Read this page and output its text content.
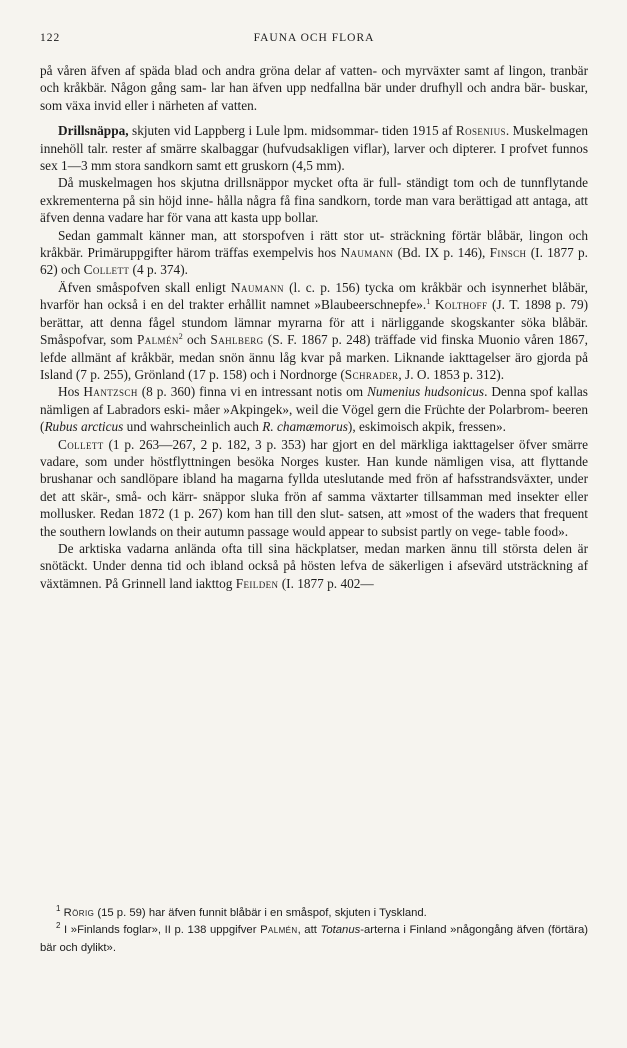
122	FAUNA OCH FLORA

på våren äfven af späda blad och andra gröna delar af vatten- och myrväxter samt af lingon, tranbär och kråkbär. Någon gång sam- lar han äfven upp nedfallna bär under drufhyll och andra bär- buskar, som växa invid eller i närheten af vatten.

Drillsnäppa, skjuten vid Lappberg i Lule lpm. midsommar- tiden 1915 af Rosenius. Muskelmagen innehöll talr. rester af smärre skalbaggar (hufvudsakligen viflar), larver och dipterer. I profvet funnos sex 1—3 mm stora sandkorn samt ett gruskorn (4,5 mm).

Då muskelmagen hos skjutna drillsnäppor mycket ofta är full- ständigt tom och de tunnflytande exkrementerna på sin höjd inne- hålla några få fina sandkorn, torde man vara berättigad att antaga, att äfven denna vadare har för vana att kasta upp bollar.

Sedan gammalt känner man, att storspofven i rätt stor ut- sträckning förtär blåbär, lingon och kråkbär. Primäruppgifter härom träffas exempelvis hos Naumann (Bd. IX p. 146), Finsch (I. 1877 p. 62) och Collett (4 p. 374).

Äfven småspofven skall enligt Naumann (l. c. p. 156) tycka om kråkbär och isynnerhet blåbär, hvarför han också i en del trakter erhållit namnet »Blaubeerschnepfe».$^1$ Kolthoff (J. T. 1898 p. 79) berättar, att denna fågel stundom lämnar myrarna för att i närliggande skogskanter söka blåbär. Småspofvar, som Palmén$^2$ och Sahlberg (S. F. 1867 p. 248) träffade vid finska Muonio våren 1867, lefde allmänt af kråkbär, medan snön ännu låg kvar på marken. Liknande iakttagelser äro gjorda på Island (7 p. 255), Grönland (17 p. 158) och i Nordnorge (Schrader, J. O. 1853 p. 312).

Hos Hantzsch (8 p. 360) finna vi en intressant notis om Numenius hudsonicus. Denna spof kallas nämligen af Labradors eski- måer »Akpingek», weil die Vögel gern die Früchte der Polarbrom- beeren (Rubus arcticus und wahrscheinlich auch R. chamæmorus), eskimoisch akpik, fressen».

Collett (1 p. 263—267, 2 p. 182, 3 p. 353) har gjort en del märkliga iakttagelser öfver smärre vadare, som under höstflyttningen besöka Norges kuster. Han kunde nämligen visa, att flyttande brushanar och sandlöpare ibland ha magarna fyllda uteslutande med frön af hafsstrandsväxter, under det att skär-, små- och kärr- snäppor sluka frön af samma växtarter tillsamman med insekter eller mollusker. Redan 1872 (1 p. 267) kom han till den slut- satsen, att »most of the waders that frequent the southern lowlands on their autumn passage would appear to subsist partly on vege- table food».

De arktiska vadarna anlända ofta till sina häckplatser, medan marken ännu till största delen är snötäckt. Under denna tid och ibland också på hösten lefva de säkerligen i afsevärd utsträckning af växtämnen. På Grinnell land iakttog Feilden (I. 1877 p. 402—

$^1$ Rörig (15 p. 59) har äfven funnit blåbär i en småspof, skjuten i Tyskland.

$^2$ I »Finlands foglar», II p. 138 uppgifver Palmén, att Totanus-arterna i Finland »någongång äfven (förtära) bär och dylikt».
